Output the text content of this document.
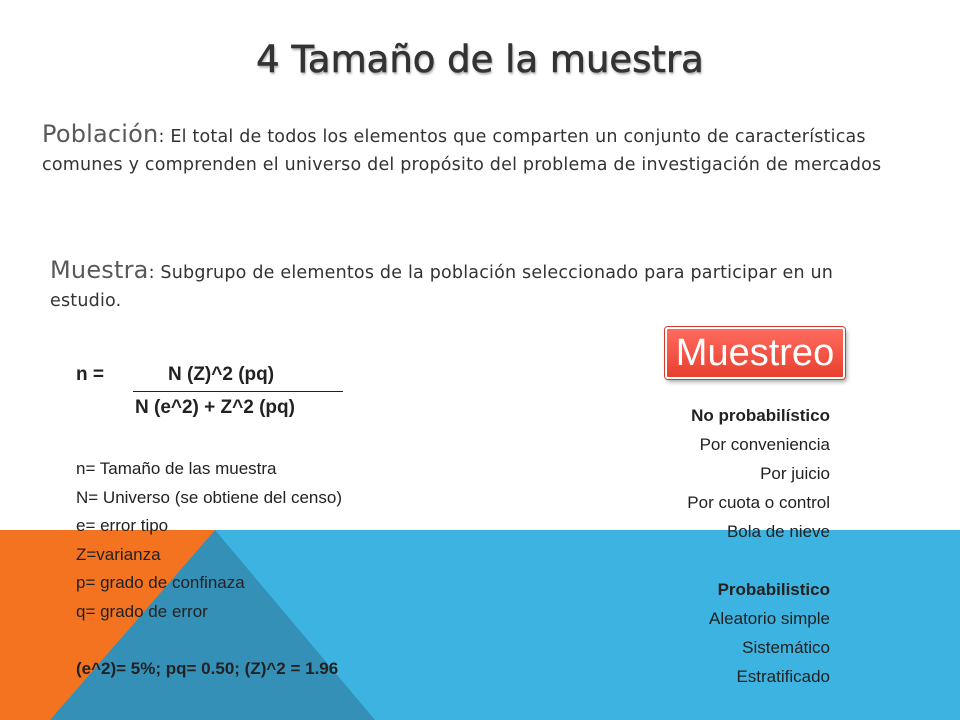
4 Tamaño de la muestra
Población: El total de todos los elementos que comparten un conjunto de características comunes y comprenden el universo del propósito del problema de investigación de mercados
Muestra: Subgrupo de elementos de la población seleccionado para participar en un estudio.
n =	N (Z)^2 (pq)
N (e^2) + Z^2 (pq)
n= Tamaño de las muestra
N= Universo (se obtiene del censo)
e= error tipo
Z=varianza
p= grado de confinaza
q= grado de error
(e^2)= 5%; pq= 0.50; (Z)^2 = 1.96
Muestreo
No probabilístico
Por conveniencia
Por juicio
Por cuota o control
Bola de nieve
Probabilistico
Aleatorio simple
Sistemático
Estratificado
